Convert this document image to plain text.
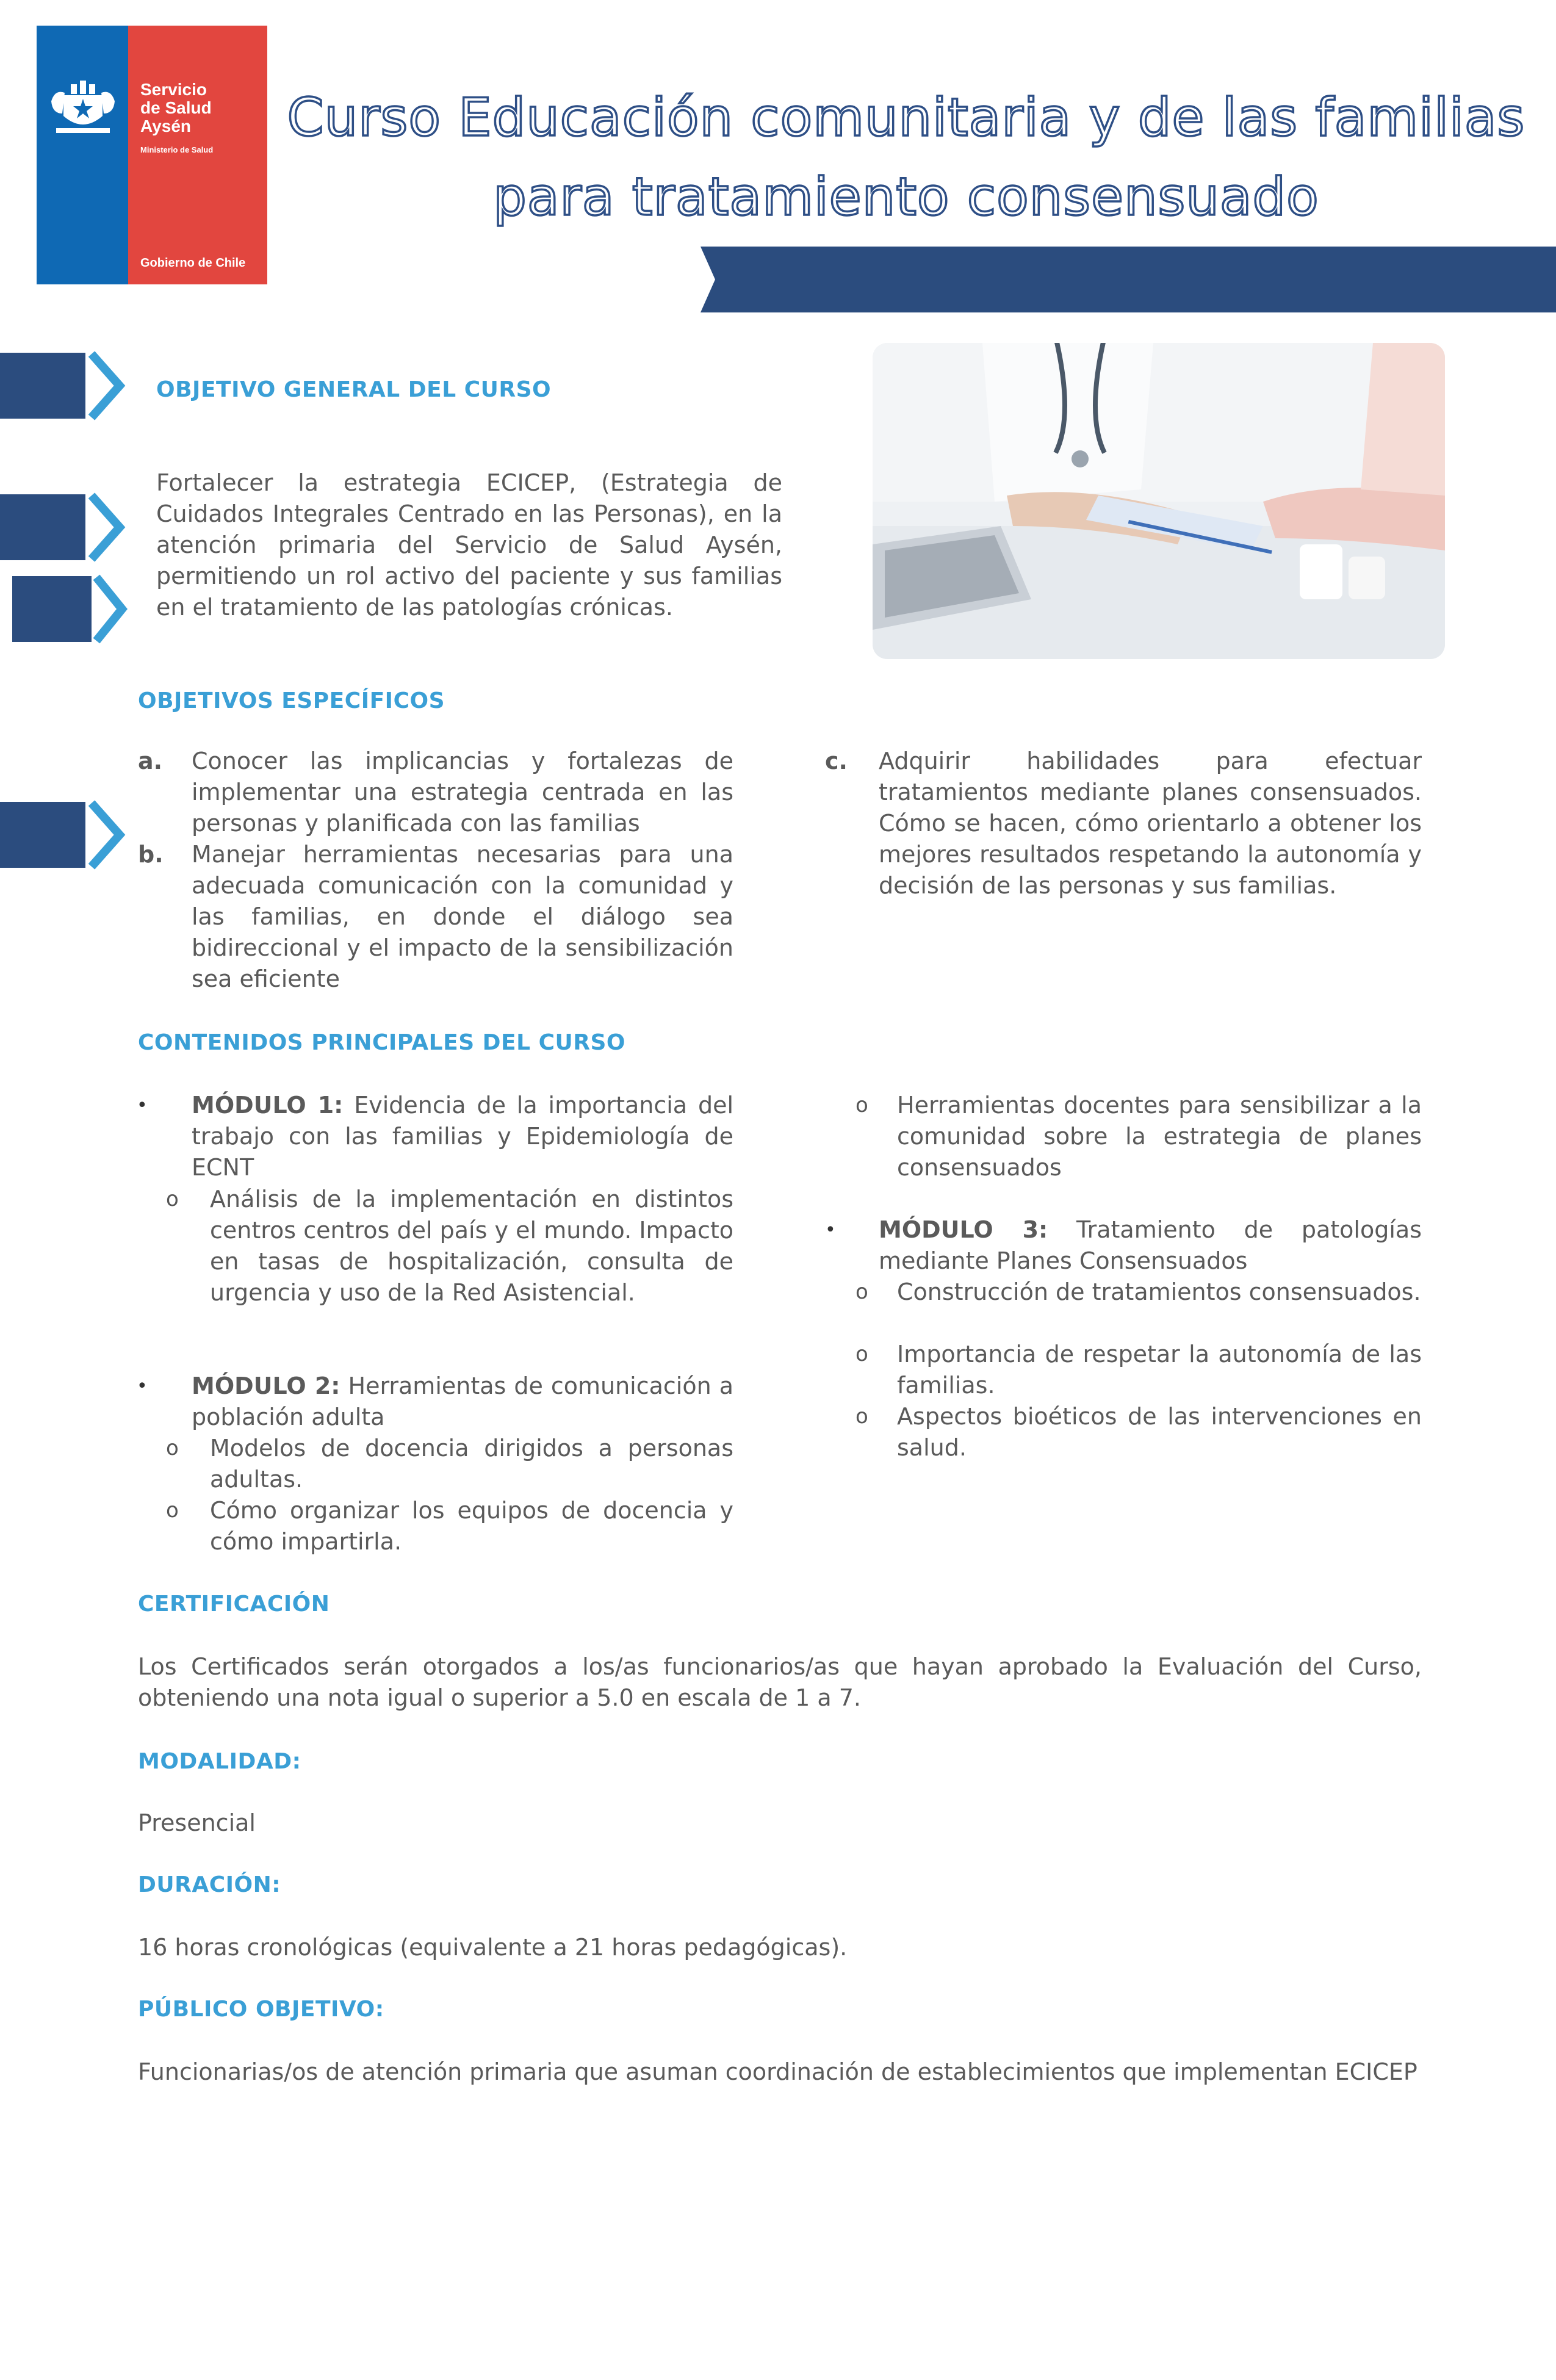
Servicio
de Salud
Aysén
Ministerio de Salud
Gobierno de Chile
Curso Educación comunitaria y de las familias
para tratamiento consensuado
OBJETIVO GENERAL DEL CURSO
Fortalecer la estrategia ECICEP, (Estrategia de Cuidados Integrales Centrado en las Personas), en la atención primaria del Servicio de Salud Aysén, permitiendo un rol activo del paciente y sus familias en el tratamiento de las patologías crónicas.
OBJETIVOS ESPECÍFICOS
a. Conocer las implicancias y fortalezas de implementar una estrategia centrada en las personas y planificada con las familias
b. Manejar herramientas necesarias para una adecuada comunicación con la comunidad y las familias, en donde el diálogo sea bidireccional y el impacto de la sensibilización sea eficiente
c. Adquirir habilidades para efectuar tratamientos mediante planes consensuados. Cómo se hacen, cómo orientarlo a obtener los mejores resultados respetando la autonomía y decisión de las personas y sus familias.
CONTENIDOS PRINCIPALES DEL CURSO
• MÓDULO 1: Evidencia de la importancia del trabajo con las familias y Epidemiología de ECNT
o Análisis de la implementación en distintos centros centros del país y el mundo. Impacto en tasas de hospitalización, consulta de urgencia y uso de la Red Asistencial.
• MÓDULO 2: Herramientas de comunicación a población adulta
o Modelos de docencia dirigidos a personas adultas.
o Cómo organizar los equipos de docencia y cómo impartirla.
o Herramientas docentes para sensibilizar a la comunidad sobre la estrategia de planes consensuados
• MÓDULO 3: Tratamiento de patologías mediante Planes Consensuados
o Construcción de tratamientos consensuados.
o Importancia de respetar la autonomía de las familias.
o Aspectos bioéticos de las intervenciones en salud.
CERTIFICACIÓN
Los Certificados serán otorgados a los/as funcionarios/as que hayan aprobado la Evaluación del Curso, obteniendo una nota igual o superior a 5.0 en escala de 1 a 7.
MODALIDAD:
Presencial
DURACIÓN:
16 horas cronológicas (equivalente a 21 horas pedagógicas).
PÚBLICO OBJETIVO:
Funcionarias/os de atención primaria que asuman coordinación de establecimientos que implementan ECICEP
